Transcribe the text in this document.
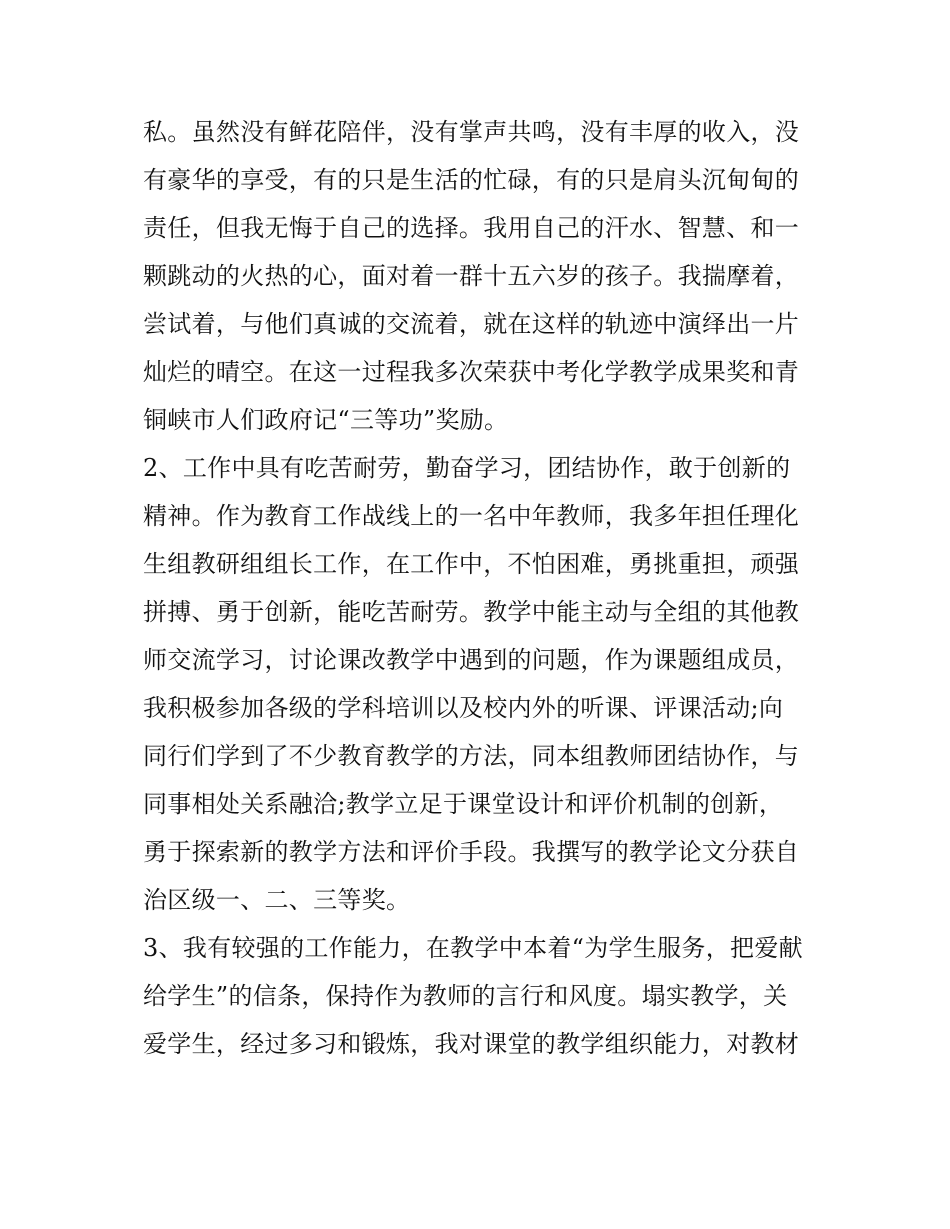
私。虽然没有鲜花陪伴，没有掌声共鸣，没有丰厚的收入，没
有豪华的享受，有的只是生活的忙碌，有的只是肩头沉甸甸的
责任，但我无悔于自己的选择。我用自己的汗水、智慧、和一
颗跳动的火热的心，面对着一群十五六岁的孩子。我揣摩着，
尝试着，与他们真诚的交流着，就在这样的轨迹中演绎出一片
灿烂的晴空。在这一过程我多次荣获中考化学教学成果奖和青
铜峡市人们政府记“三等功”奖励。
2、工作中具有吃苦耐劳，勤奋学习，团结协作，敢于创新的
精神。作为教育工作战线上的一名中年教师，我多年担任理化
生组教研组组长工作，在工作中，不怕困难，勇挑重担，顽强
拼搏、勇于创新，能吃苦耐劳。教学中能主动与全组的其他教
师交流学习，讨论课改教学中遇到的问题，作为课题组成员，
我积极参加各级的学科培训以及校内外的听课、评课活动;向
同行们学到了不少教育教学的方法，同本组教师团结协作，与
同事相处关系融洽;教学立足于课堂设计和评价机制的创新，
勇于探索新的教学方法和评价手段。我撰写的教学论文分获自
治区级一、二、三等奖。
3、我有较强的工作能力，在教学中本着“为学生服务，把爱献
给学生”的信条，保持作为教师的言行和风度。塌实教学，关
爱学生，经过多习和锻炼，我对课堂的教学组织能力，对教材
